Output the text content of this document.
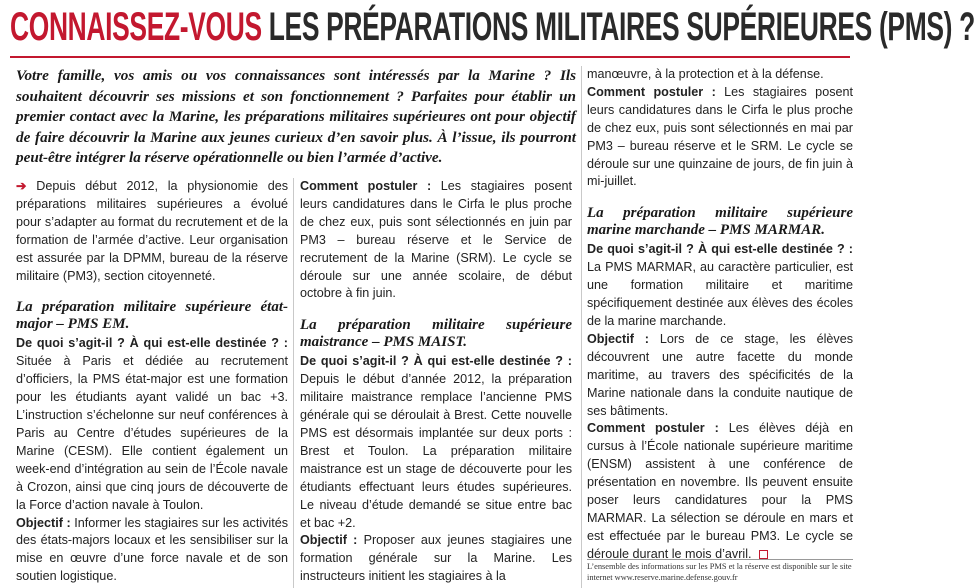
CONNAISSEZ-VOUS LES PRÉPARATIONS MILITAIRES SUPÉRIEURES (PMS) ?
Votre famille, vos amis ou vos connaissances sont intéressés par la Marine ? Ils souhaitent découvrir ses missions et son fonctionnement ? Parfaites pour établir un premier contact avec la Marine, les préparations militaires supérieures ont pour objectif de faire découvrir la Marine aux jeunes curieux d’en savoir plus. À l’issue, ils pourront peut-être intégrer la réserve opérationnelle ou bien l’armée d’active.

➔ Depuis début 2012, la physionomie des préparations militaires supérieures a évolué pour s’adapter au format du recrutement et de la formation de l’armée d’active. Leur organisation est assurée par la DPMM, bureau de la réserve militaire (PM3), section citoyenneté.

La préparation militaire supérieure état-major – PMS EM.

De quoi s’agit-il ? À qui est-elle destinée ? : Située à Paris et dédiée au recrutement d’officiers, la PMS état-major est une formation pour les étudiants ayant validé un bac +3. L’instruction s’échelonne sur neuf conférences à Paris au Centre d’études supérieures de la Marine (CESM). Elle contient également un week-end d’intégration au sein de l’École navale à Crozon, ainsi que cinq jours de découverte de la Force d’action navale à Toulon.

Objectif : Informer les stagiaires sur les activités des états-majors locaux et les sensibiliser sur la mise en œuvre d’une force navale et de son soutien logistique.

Comment postuler : Les stagiaires posent leurs candidatures dans le Cirfa le plus proche de chez eux, puis sont sélectionnés en juin par PM3 – bureau réserve et le Service de recrutement de la Marine (SRM). Le cycle se déroule sur une année scolaire, de début octobre à fin juin.

La préparation militaire supérieure maistrance – PMS MAIST.

De quoi s’agit-il ? À qui est-elle destinée ? : Depuis le début d’année 2012, la préparation militaire maistrance remplace l’ancienne PMS générale qui se déroulait à Brest. Cette nouvelle PMS est désormais implantée sur deux ports : Brest et Toulon. La préparation militaire maistrance est un stage de découverte pour les étudiants effectuant leurs études supérieures. Le niveau d’étude demandé se situe entre bac et bac +2.

Objectif : Proposer aux jeunes stagiaires une formation générale sur la Marine. Les instructeurs initient les stagiaires à la

manœuvre, à la protection et à la défense.

Comment postuler : Les stagiaires posent leurs candidatures dans le Cirfa le plus proche de chez eux, puis sont sélectionnés en mai par PM3 – bureau réserve et le SRM. Le cycle se déroule sur une quinzaine de jours, de fin juin à mi-juillet.

La préparation militaire supérieure marine marchande – PMS MARMAR.

De quoi s’agit-il ? À qui est-elle destinée ? : La PMS MARMAR, au caractère particulier, est une formation militaire et maritime spécifiquement destinée aux élèves des écoles de la marine marchande.

Objectif : Lors de ce stage, les élèves découvrent une autre facette du monde maritime, au travers des spécificités de la Marine nationale dans la conduite nautique de ses bâtiments.

Comment postuler : Les élèves déjà en cursus à l’École nationale supérieure maritime (ENSM) assistent à une conférence de présentation en novembre. Ils peuvent ensuite poser leurs candidatures pour la PMS MARMAR. La sélection se déroule en mars et est effectuée par le bureau PM3. Le cycle se déroule durant le mois d’avril.

L’ensemble des informations sur les PMS et la réserve est disponible sur le site internet www.reserve.marine.defense.gouv.fr
